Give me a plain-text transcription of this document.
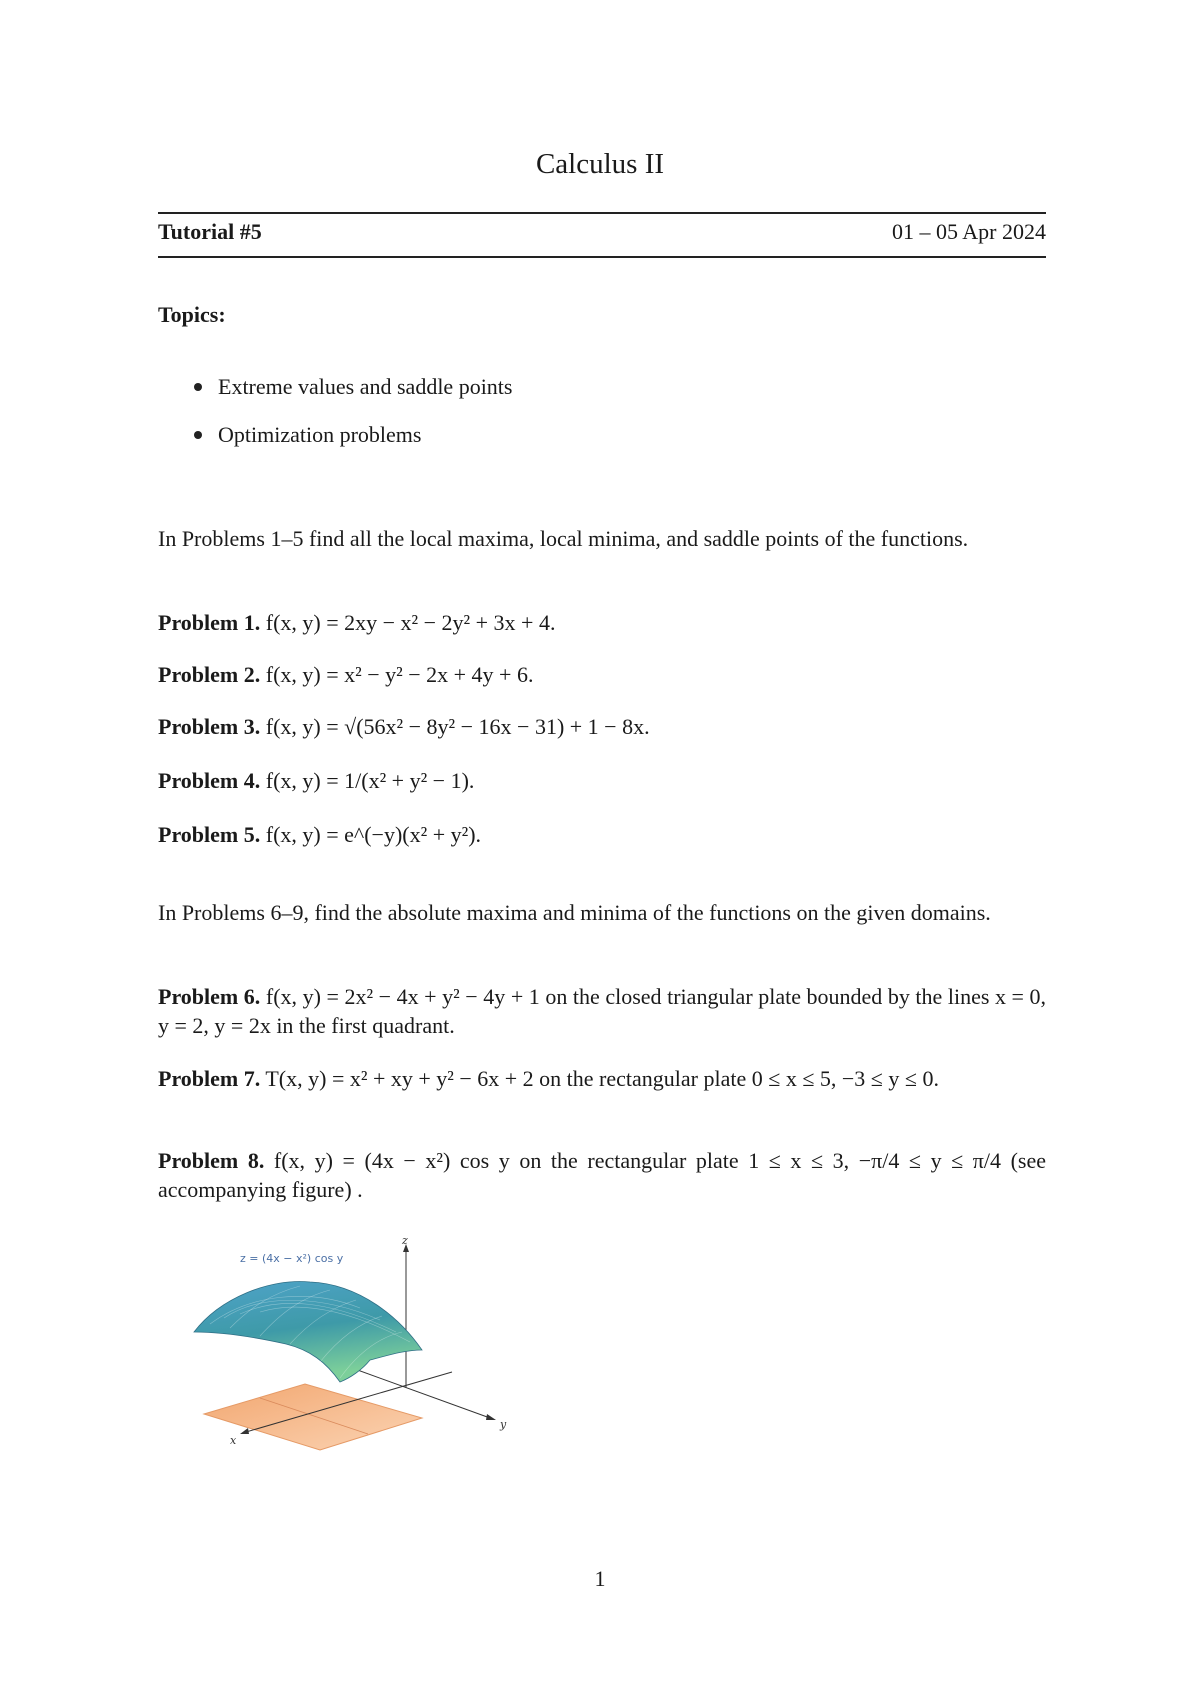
Calculus II
Tutorial #5	01 – 05 Apr 2024
Topics:
Extreme values and saddle points
Optimization problems
In Problems 1–5 find all the local maxima, local minima, and saddle points of the functions.
Problem 1. f(x, y) = 2xy − x² − 2y² + 3x + 4.
Problem 2. f(x, y) = x² − y² − 2x + 4y + 6.
Problem 3. f(x, y) = √(56x² − 8y² − 16x − 31) + 1 − 8x.
Problem 4. f(x, y) = 1/(x² + y² − 1).
Problem 5. f(x, y) = e^(−y)(x² + y²).
In Problems 6–9, find the absolute maxima and minima of the functions on the given domains.
Problem 6. f(x, y) = 2x² − 4x + y² − 4y + 1 on the closed triangular plate bounded by the lines x = 0, y = 2, y = 2x in the first quadrant.
Problem 7. T(x, y) = x² + xy + y² − 6x + 2 on the rectangular plate 0 ≤ x ≤ 5, −3 ≤ y ≤ 0.
Problem 8. f(x, y) = (4x − x²) cos y on the rectangular plate 1 ≤ x ≤ 3, −π/4 ≤ y ≤ π/4 (see accompanying figure) .
z = (4x − x²) cos y
z
y
x
1
